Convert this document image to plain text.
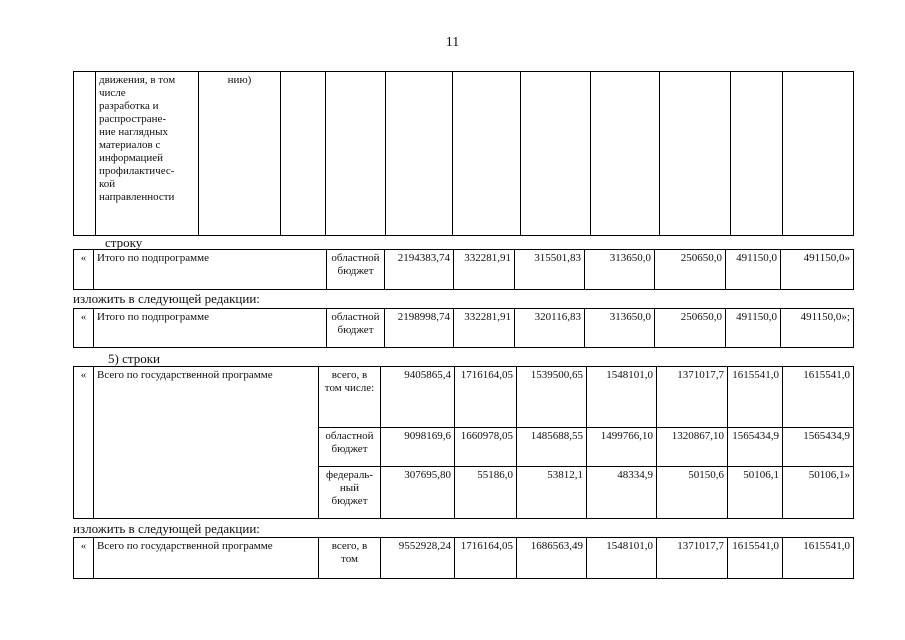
11

движения, в том
числе
разработка и
распростране-
ние наглядных
материалов с
информацией
профилактичес-
кой
направленности
	нию)									
строку
«	Итого по подпрограмме	областной бюджет	2194383,74	332281,91	315501,83	313650,0	250650,0	491150,0	491150,0»
изложить в следующей редакции:
«	Итого по подпрограмме	областной бюджет	2198998,74	332281,91	320116,83	313650,0	250650,0	491150,0	491150,0»;
5) строки
«	Всего по государственной программе	всего, в том числе:	9405865,4	1716164,05	1539500,65	1548101,0	1371017,7	1615541,0	1615541,0
		областной бюджет	9098169,6	1660978,05	1485688,55	1499766,10	1320867,10	1565434,9	1565434,9
		федераль-ный бюджет	307695,80	55186,0	53812,1	48334,9	50150,6	50106,1	50106,1»
изложить в следующей редакции:
«	Всего по государственной программе	всего, в том	9552928,24	1716164,05	1686563,49	1548101,0	1371017,7	1615541,0	1615541,0
